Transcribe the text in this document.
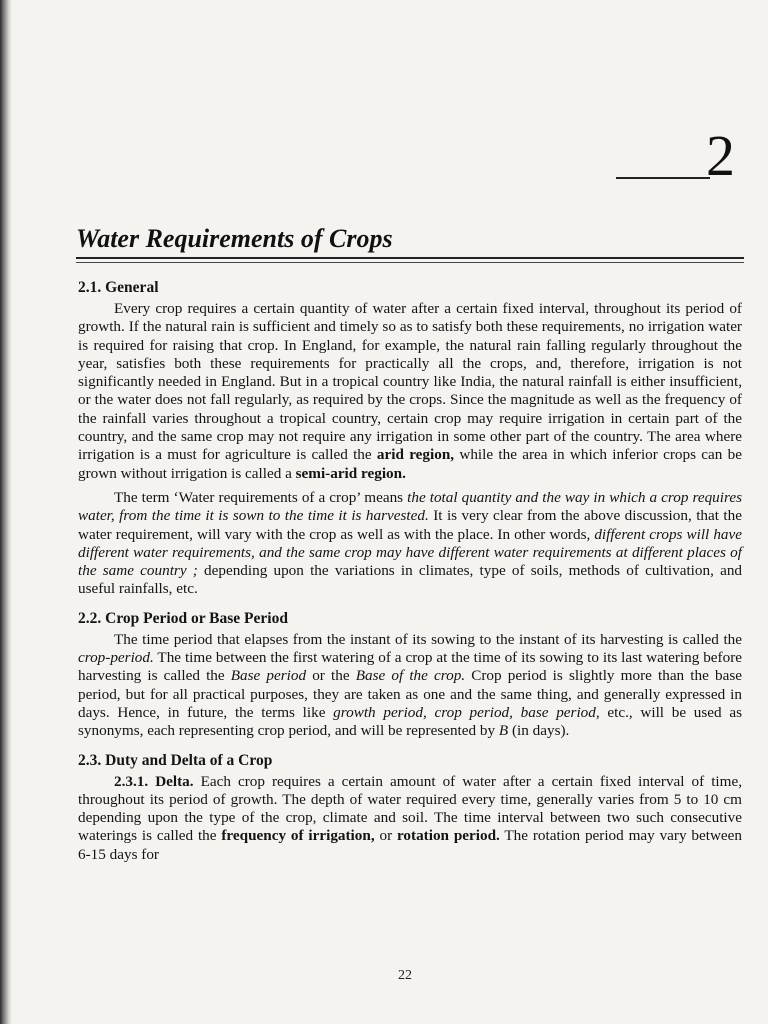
2
Water Requirements of Crops
2.1. General

Every crop requires a certain quantity of water after a certain fixed interval, throughout its period of growth. If the natural rain is sufficient and timely so as to satisfy both these requirements, no irrigation water is required for raising that crop. In England, for example, the natural rain falling regularly throughout the year, satisfies both these requirements for practically all the crops, and, therefore, irrigation is not significantly needed in England. But in a tropical country like India, the natural rainfall is either insufficient, or the water does not fall regularly, as required by the crops. Since the magnitude as well as the frequency of the rainfall varies throughout a tropical country, certain crop may require irrigation in certain part of the country, and the same crop may not require any irrigation in some other part of the country. The area where irrigation is a must for agriculture is called the arid region, while the area in which inferior crops can be grown without irrigation is called a semi-arid region.

The term ‘Water requirements of a crop’ means the total quantity and the way in which a crop requires water, from the time it is sown to the time it is harvested. It is very clear from the above discussion, that the water requirement, will vary with the crop as well as with the place. In other words, different crops will have different water requirements, and the same crop may have different water requirements at different places of the same country ; depending upon the variations in climates, type of soils, methods of cultivation, and useful rainfalls, etc.

2.2. Crop Period or Base Period

The time period that elapses from the instant of its sowing to the instant of its harvesting is called the crop-period. The time between the first watering of a crop at the time of its sowing to its last watering before harvesting is called the Base period or the Base of the crop. Crop period is slightly more than the base period, but for all practical purposes, they are taken as one and the same thing, and generally expressed in days. Hence, in future, the terms like growth period, crop period, base period, etc., will be used as synonyms, each representing crop period, and will be represented by B (in days).

2.3. Duty and Delta of a Crop

2.3.1. Delta. Each crop requires a certain amount of water after a certain fixed interval of time, throughout its period of growth. The depth of water required every time, generally varies from 5 to 10 cm depending upon the type of the crop, climate and soil. The time interval between two such consecutive waterings is called the frequency of irrigation, or rotation period. The rotation period may vary between 6-15 days for

22
